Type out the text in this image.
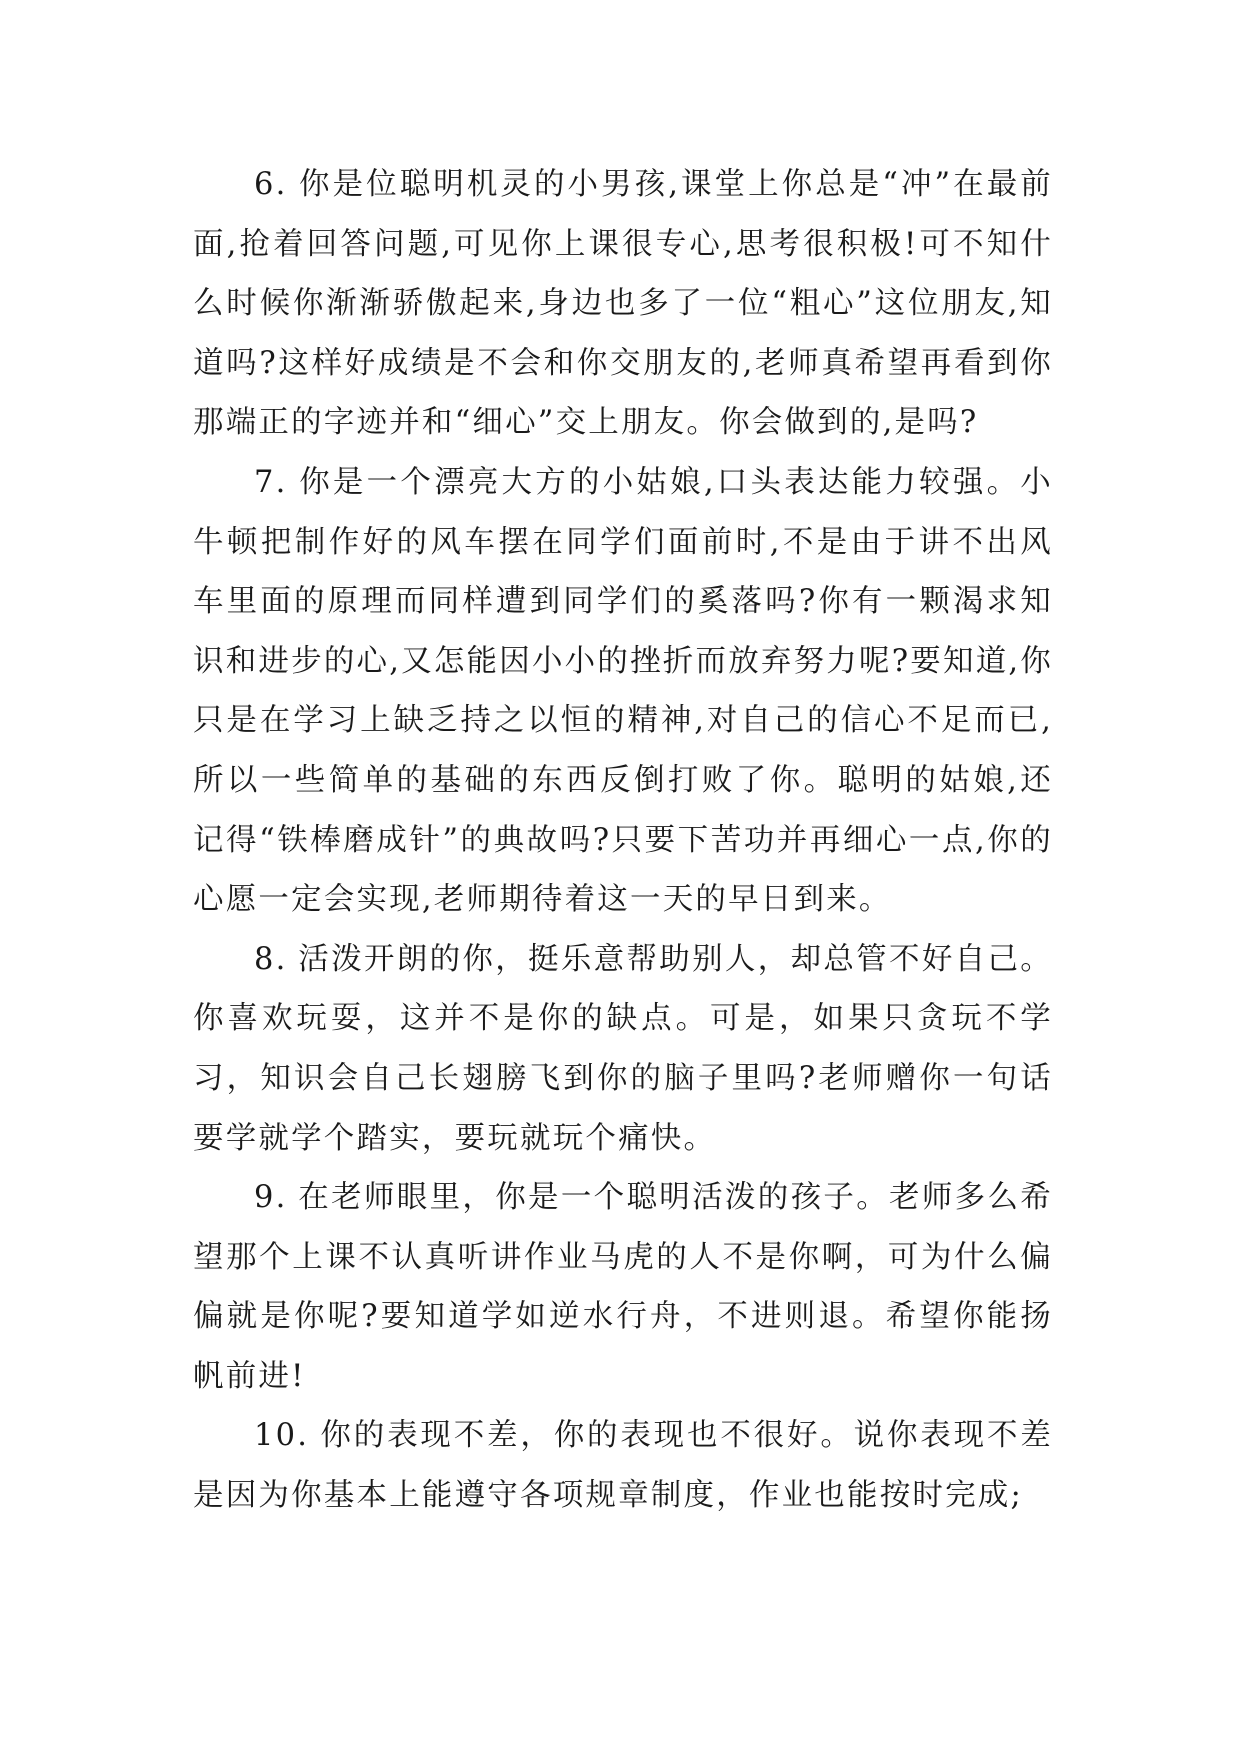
6. 你是位聪明机灵的小男孩,课堂上你总是“冲”在最前面,抢着回答问题,可见你上课很专心,思考很积极!可不知什么时候你渐渐骄傲起来,身边也多了一位“粗心”这位朋友,知道吗?这样好成绩是不会和你交朋友的,老师真希望再看到你那端正的字迹并和“细心”交上朋友。你会做到的,是吗?

7. 你是一个漂亮大方的小姑娘,口头表达能力较强。小牛顿把制作好的风车摆在同学们面前时,不是由于讲不出风车里面的原理而同样遭到同学们的奚落吗?你有一颗渴求知识和进步的心,又怎能因小小的挫折而放弃努力呢?要知道,你只是在学习上缺乏持之以恒的精神,对自己的信心不足而已,所以一些简单的基础的东西反倒打败了你。聪明的姑娘,还记得“铁棒磨成针”的典故吗?只要下苦功并再细心一点,你的心愿一定会实现,老师期待着这一天的早日到来。

8. 活泼开朗的你，挺乐意帮助别人，却总管不好自己。你喜欢玩耍，这并不是你的缺点。可是，如果只贪玩不学习，知识会自己长翅膀飞到你的脑子里吗?老师赠你一句话要学就学个踏实，要玩就玩个痛快。

9. 在老师眼里，你是一个聪明活泼的孩子。老师多么希望那个上课不认真听讲作业马虎的人不是你啊，可为什么偏偏就是你呢?要知道学如逆水行舟，不进则退。希望你能扬帆前进!

10. 你的表现不差，你的表现也不很好。说你表现不差是因为你基本上能遵守各项规章制度，作业也能按时完成;
